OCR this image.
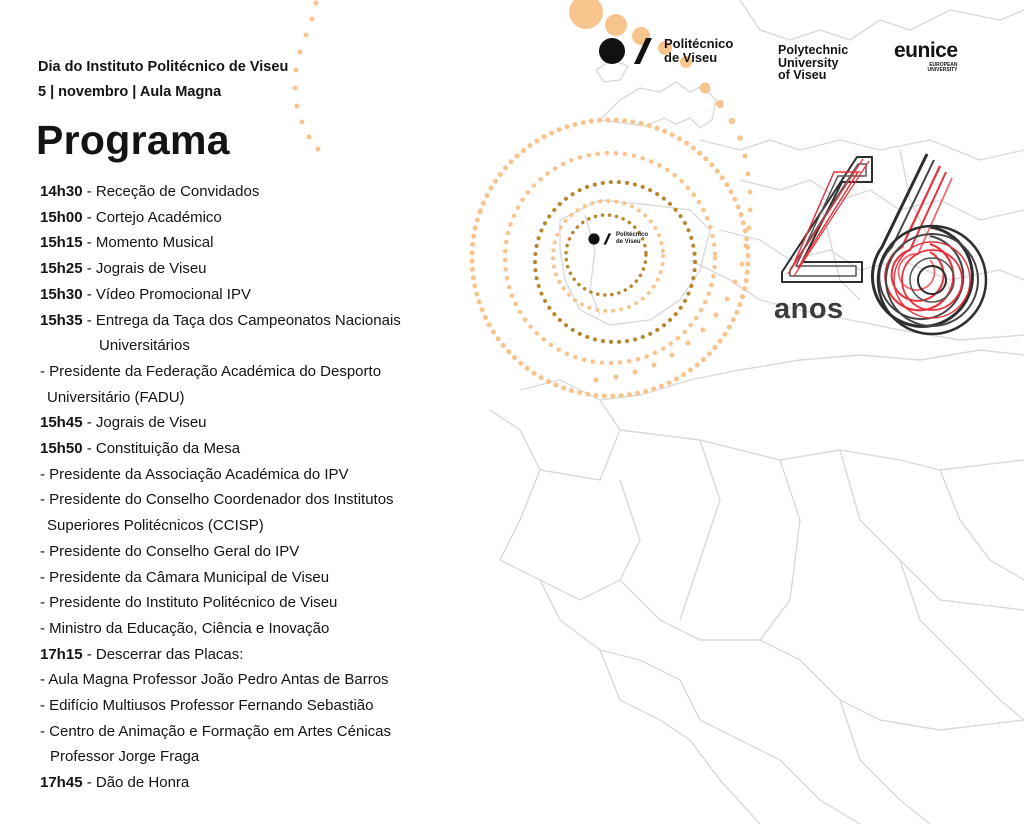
Dia do Instituto Politécnico de Viseu
5 | novembro | Aula Magna
Programa
14h30 - Receção de Convidados
15h00 - Cortejo Académico
15h15 - Momento Musical
15h25 - Jograis de Viseu
15h30 - Vídeo Promocional IPV
15h35 - Entrega da Taça dos Campeonatos Nacionais
Universitários
- Presidente da Federação Académica do Desporto
Universitário (FADU)
15h45 - Jograis de Viseu
15h50 - Constituição da Mesa
- Presidente da Associação Académica do IPV
- Presidente do Conselho Coordenador dos Institutos
Superiores Politécnicos (CCISP)
- Presidente do Conselho Geral do IPV
- Presidente da Câmara Municipal de Viseu
- Presidente do Instituto Politécnico de Viseu
- Ministro da Educação, Ciência e Inovação
17h15 - Descerrar das Placas:
- Aula Magna Professor João Pedro Antas de Barros
- Edifício Multiusos Professor Fernando Sebastião
- Centro de Animação e Formação em Artes Cénicas
Professor Jorge Fraga
17h45 - Dão de Honra
Politécnico
de Viseu	Polytechnic
University
of Viseu
eunice
EUROPEAN
UNIVERSITY
Politécnico
de Viseu
anos
